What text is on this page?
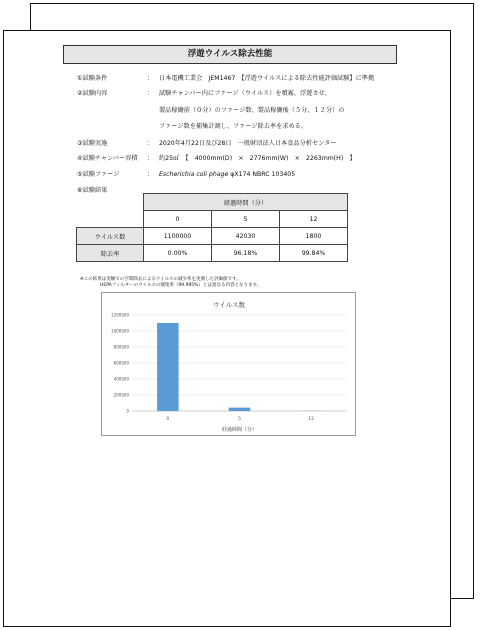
浮遊ウイルス除去性能
①試験条件	： 日本電機工業会　JEM1467　【浮遊ウイルスによる除去性能評価試験】に準拠
②試験内容	： 試験チャンバー内にファージ（ウイルス）を噴霧、浮遊させ、
製品稼働前（０分）のファージ数、製品稼働後（５分、１２分）の
ファージ数を捕集計測し、ファージ除去率を求める。
③試験実施	： 2020年4月22日及び28日　一般財団法人日本食品分析センター
④試験チャンバー容積 ： 約25㎥　【　4000mm(D)　×　2776mm(W)　×　2263mm(H)　】
⑤試験ファージ	： Escherichia coli phage φX174 NBRC 103405
⑥試験結果
	経過時間（分）		
	0	5	12
ウイルス数	1100000	42030	1800
除去率	0.00%	96.18%	99.84%
※この結果は実験での空間除去によるウイルスの減少率を実測した評価値です。
HEPAフィルターのウイルスの捕集率（99.995%）とは異なる内容となります。
ウイルス数
0
200000
400000
600000
800000
1000000
1200000
0	5	12
経過時間（分）
